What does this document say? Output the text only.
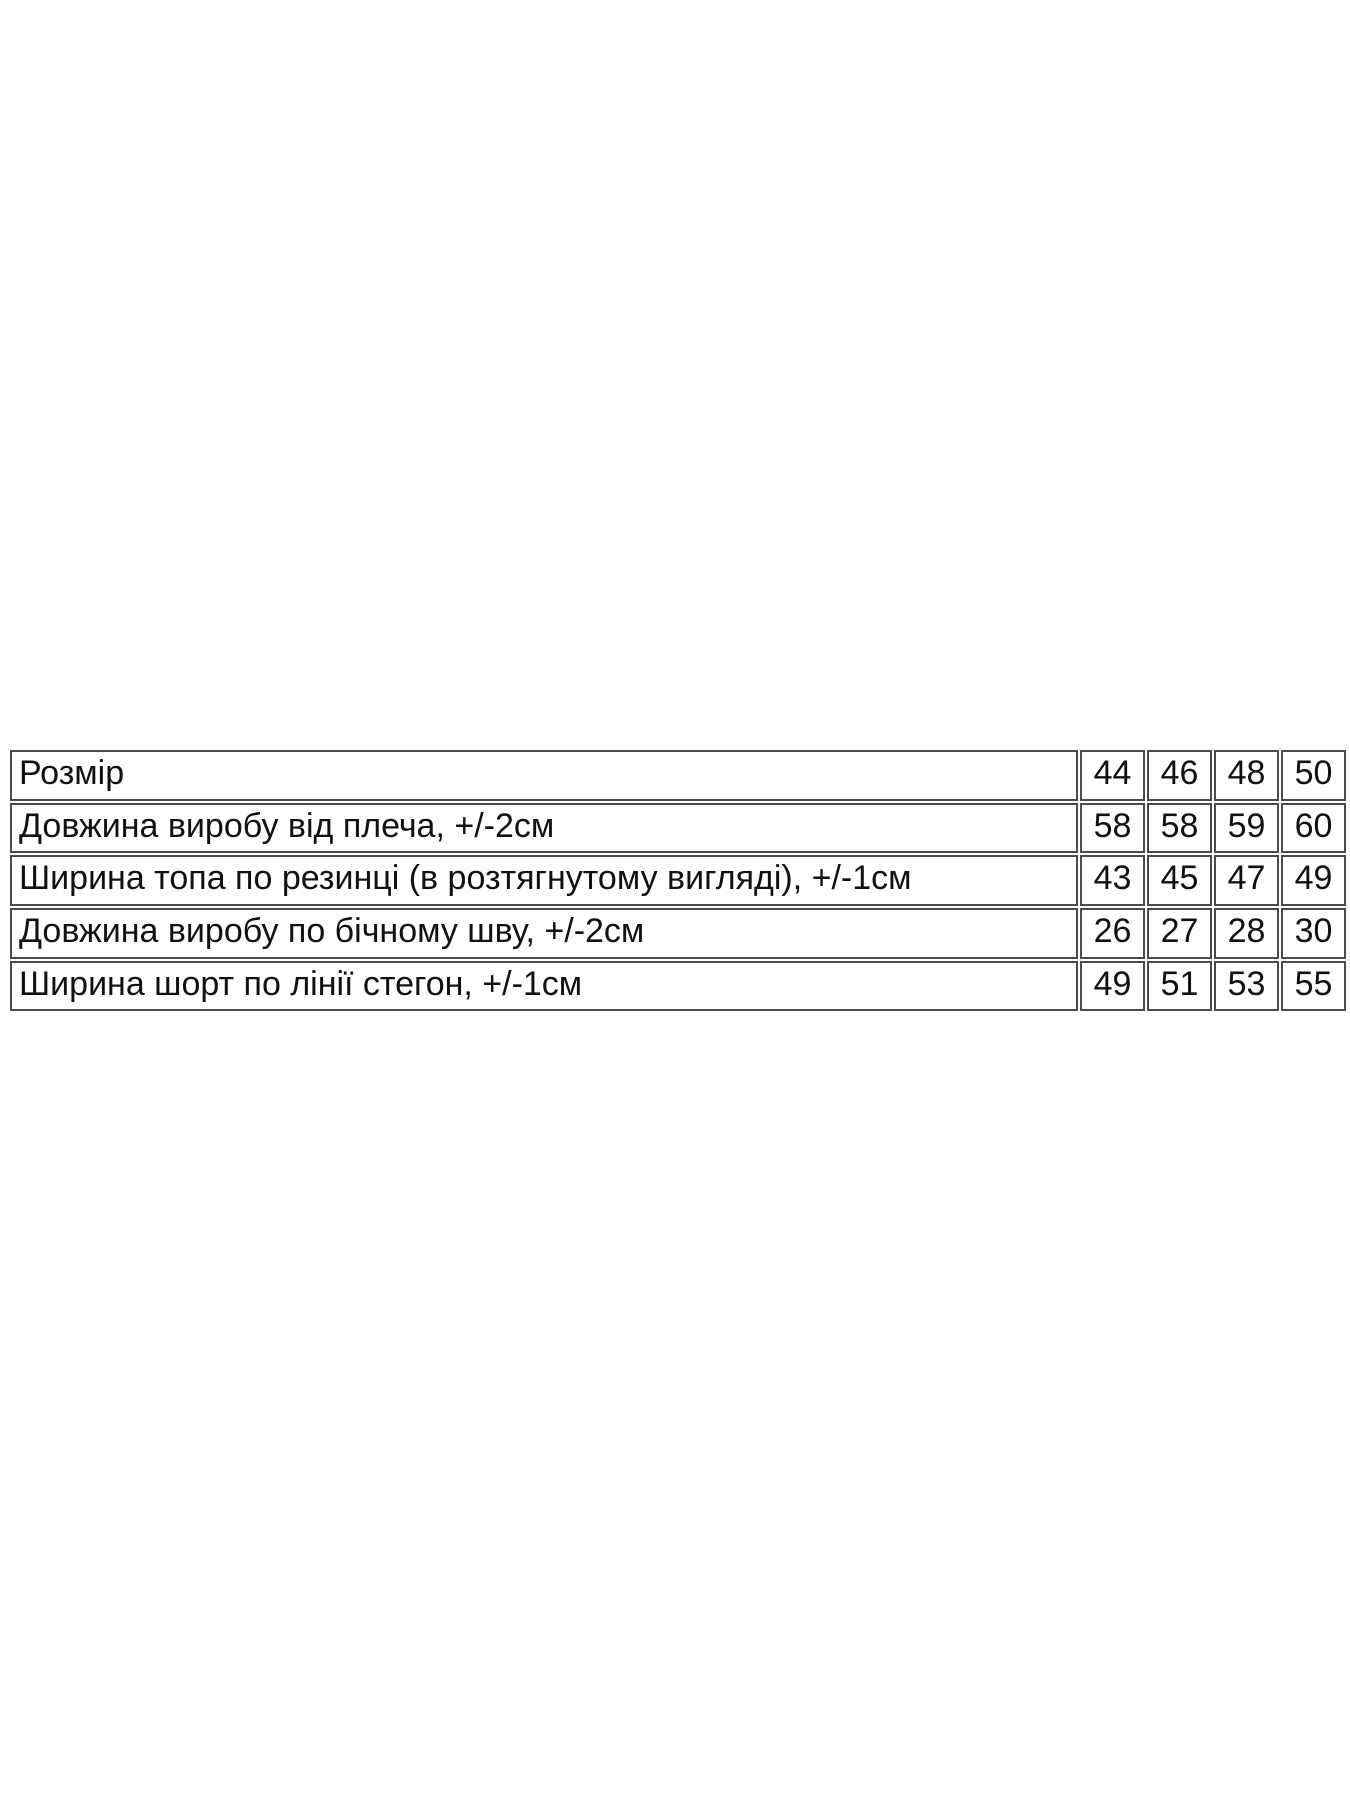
Розмір	44	46	48	50
Довжина виробу від плеча, +/-2см	58	58	59	60
Ширина топа по резинці (в розтягнутому вигляді), +/-1см	43	45	47	49
Довжина виробу по бічному шву, +/-2см	26	27	28	30
Ширина шорт по лінії стегон, +/-1см	49	51	53	55
